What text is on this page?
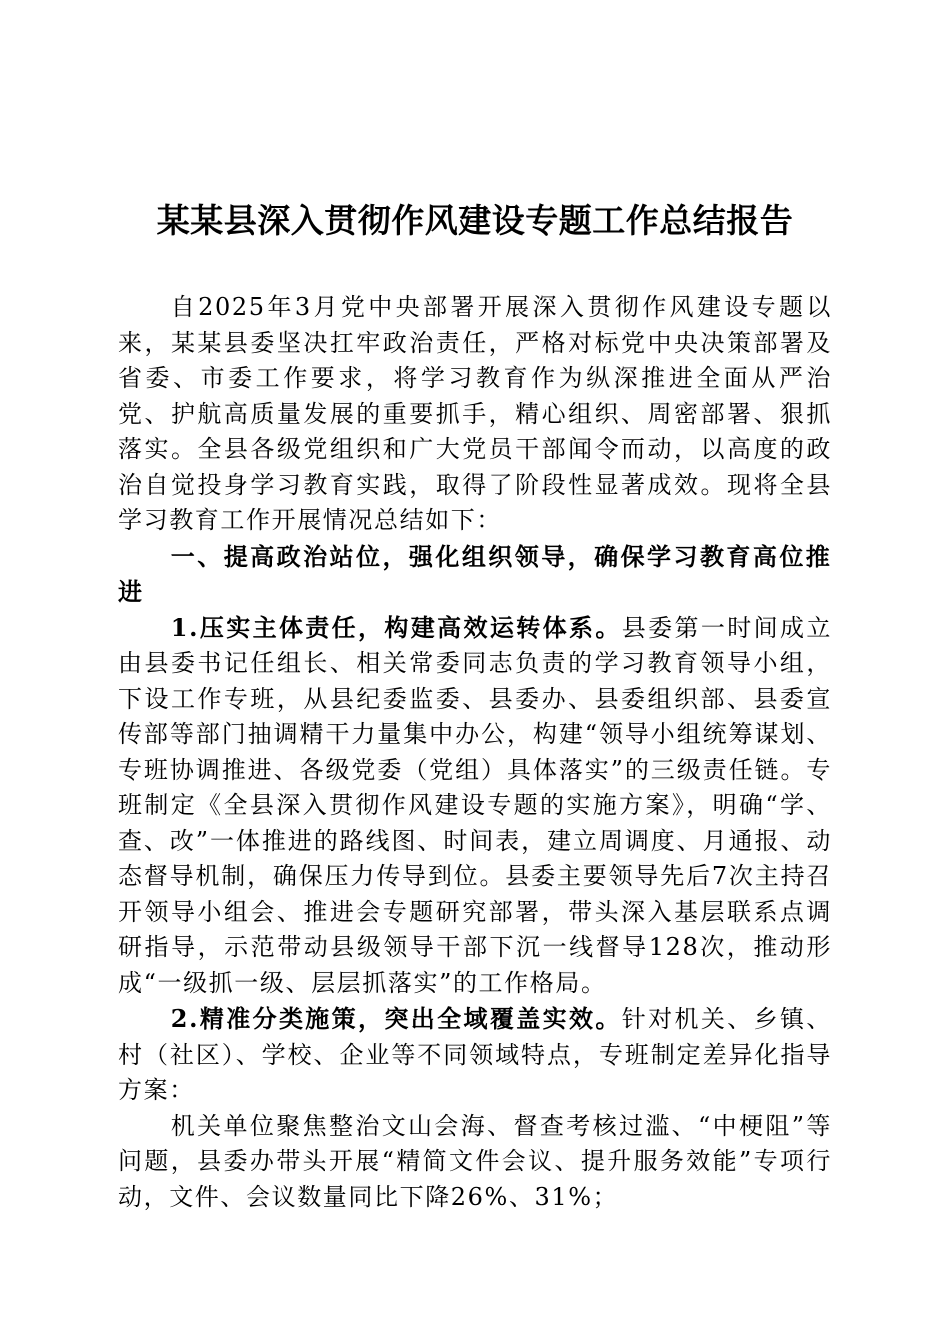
某某县深入贯彻作风建设专题工作总结报告

自2025年3月党中央部署开展深入贯彻作风建设专题以来，某某县委坚决扛牢政治责任，严格对标党中央决策部署及省委、市委工作要求，将学习教育作为纵深推进全面从严治党、护航高质量发展的重要抓手，精心组织、周密部署、狠抓落实。全县各级党组织和广大党员干部闻令而动，以高度的政治自觉投身学习教育实践，取得了阶段性显著成效。现将全县学习教育工作开展情况总结如下：

一、提高政治站位，强化组织领导，确保学习教育高位推进

1.压实主体责任，构建高效运转体系。县委第一时间成立由县委书记任组长、相关常委同志负责的学习教育领导小组，下设工作专班，从县纪委监委、县委办、县委组织部、县委宣传部等部门抽调精干力量集中办公，构建“领导小组统筹谋划、专班协调推进、各级党委（党组）具体落实”的三级责任链。专班制定《全县深入贯彻作风建设专题的实施方案》，明确“学、查、改”一体推进的路线图、时间表，建立周调度、月通报、动态督导机制，确保压力传导到位。县委主要领导先后7次主持召开领导小组会、推进会专题研究部署，带头深入基层联系点调研指导，示范带动县级领导干部下沉一线督导128次，推动形成“一级抓一级、层层抓落实”的工作格局。

2.精准分类施策，突出全域覆盖实效。针对机关、乡镇、村（社区）、学校、企业等不同领域特点，专班制定差异化指导方案：

机关单位聚焦整治文山会海、督查考核过滥、“中梗阻”等问题，县委办带头开展“精简文件会议、提升服务效能”专项行动，文件、会议数量同比下降26%、31%；
